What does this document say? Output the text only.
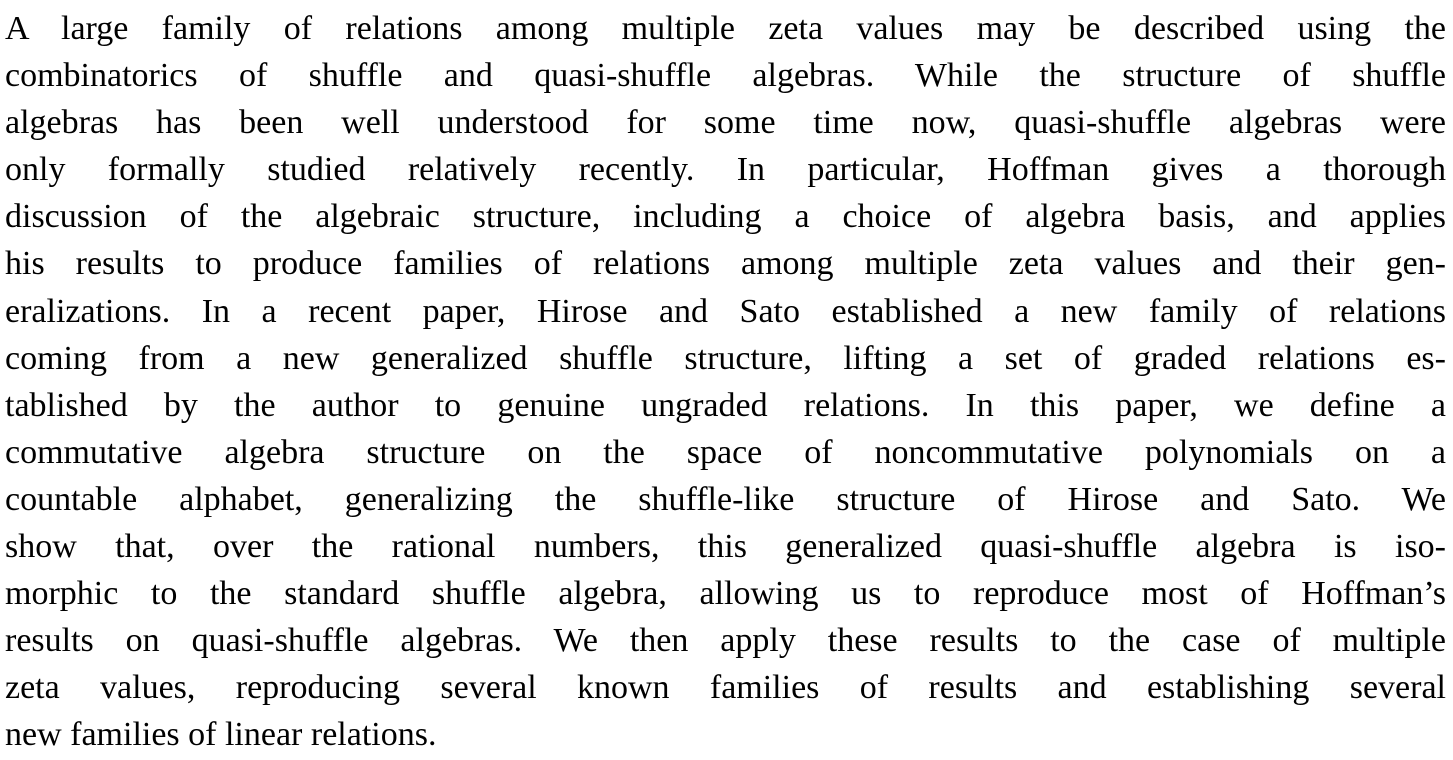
A large family of relations among multiple zeta values may be described using the
combinatorics of shuffle and quasi-shuffle algebras. While the structure of shuffle
algebras has been well understood for some time now, quasi-shuffle algebras were
only formally studied relatively recently. In particular, Hoffman gives a thorough
discussion of the algebraic structure, including a choice of algebra basis, and applies
his results to produce families of relations among multiple zeta values and their gen-
eralizations. In a recent paper, Hirose and Sato established a new family of relations
coming from a new generalized shuffle structure, lifting a set of graded relations es-
tablished by the author to genuine ungraded relations. In this paper, we define a
commutative algebra structure on the space of noncommutative polynomials on a
countable alphabet, generalizing the shuffle-like structure of Hirose and Sato. We
show that, over the rational numbers, this generalized quasi-shuffle algebra is iso-
morphic to the standard shuffle algebra, allowing us to reproduce most of Hoffman’s
results on quasi-shuffle algebras. We then apply these results to the case of multiple
zeta values, reproducing several known families of results and establishing several
new families of linear relations.
